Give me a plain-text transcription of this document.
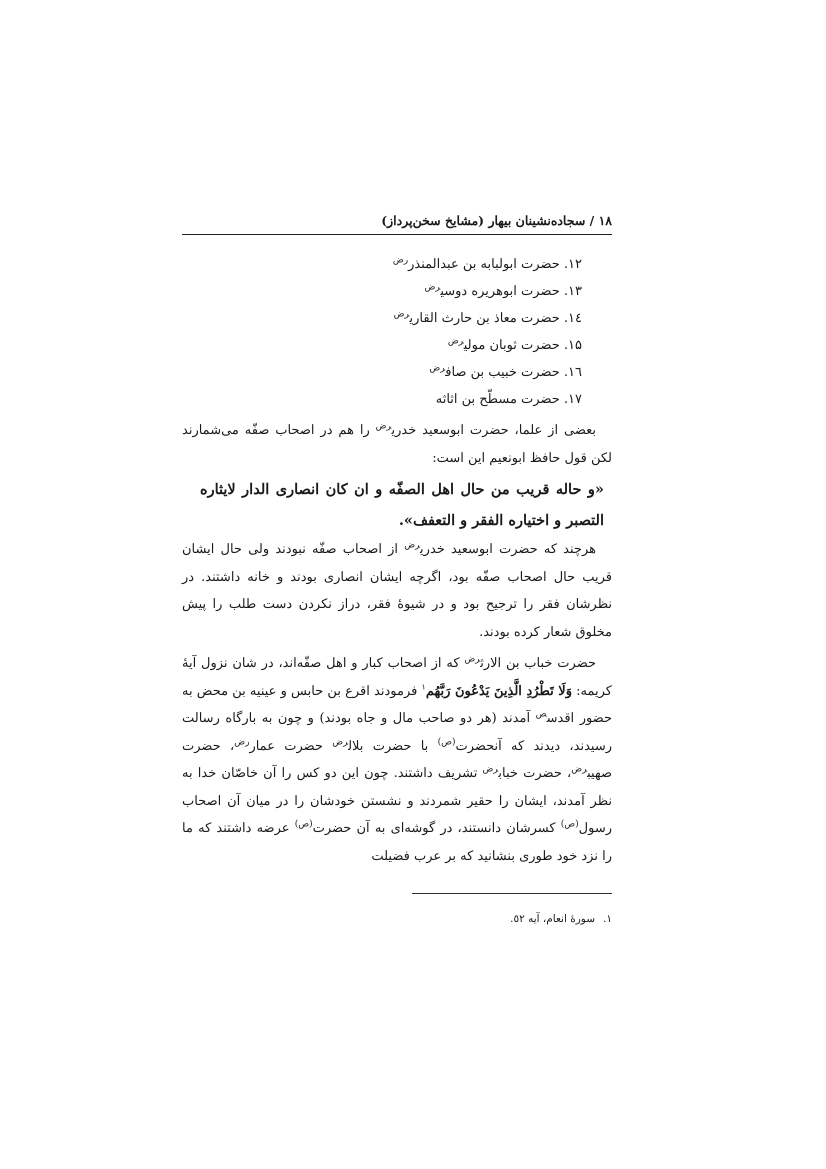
۱۸ / سجاده‌نشینان بیهار (مشایخ سخن‌پرداز)
۱۲. حضرت ابولبابه بن عبدالمنذر$^{رض}$
۱۳. حضرت ابوهریره دوسی$^{رض}$
١٤. حضرت معاذ بن حارث القاری$^{رض}$
۱۵. حضرت ثوبان مولی$^{رض}$
١٦. حضرت خبیب بن صاف$^{رض}$
۱۷. حضرت مسطّح بن اثاثه

بعضی از علما، حضرت ابوسعید خدری$^{رض}$ را هم در اصحاب صفّه می‌شمارند لکن قول حافظ ابونعیم این است:

«و حاله قریب من حال اهل الصفّه و ان کان انصاری الدار لایثاره التصبر و اختیاره الفقر و التعفف».

هرچند که حضرت ابوسعید خدری$^{رض}$ از اصحاب صفّه نبودند ولی حال ایشان قریب حال اصحاب صفّه بود، اگرچه ایشان انصاری بودند و خانه داشتند. در نظرشان فقر را ترجیح بود و در شیوهٔ فقر، دراز نکردن دست طلب را پیش مخلوق شعار کرده بودند.

حضرت خباب بن الارث$^{رض}$ که از اصحاب کبار و اهل صفّه‌اند، در شان نزول آیهٔ کریمه: وَلَا تَطْرُدِ الَّذِينَ يَدْعُونَ رَبَّهُم$^۱$ فرمودند اقرع بن حابس و عینیه بن محض به حضور اقدس$^ص$ آمدند (هر دو صاحب مال و جاه بودند) و چون به بارگاه رسالت رسیدند، دیدند که آنحضرت$^{(ص)}$ با حضرت بلال$^{رض}$ حضرت عمار$^{رض}$، حضرت صهیب$^{رض}$، حضرت خباب$^{رض}$ تشریف داشتند. چون این دو کس را آن خاصّان خدا به نظر آمدند، ایشان را حقیر شمردند و نشستن خودشان را در میان آن اصحاب رسول$^{(ص)}$ کسرشان دانستند، در گوشه‌ای به آن حضرت$^{(ص)}$ عرضه داشتند که ما را نزد خود طوری بنشانید که بر عرب فضیلت

۱.سورهٔ انعام، آیه ٥٢.
